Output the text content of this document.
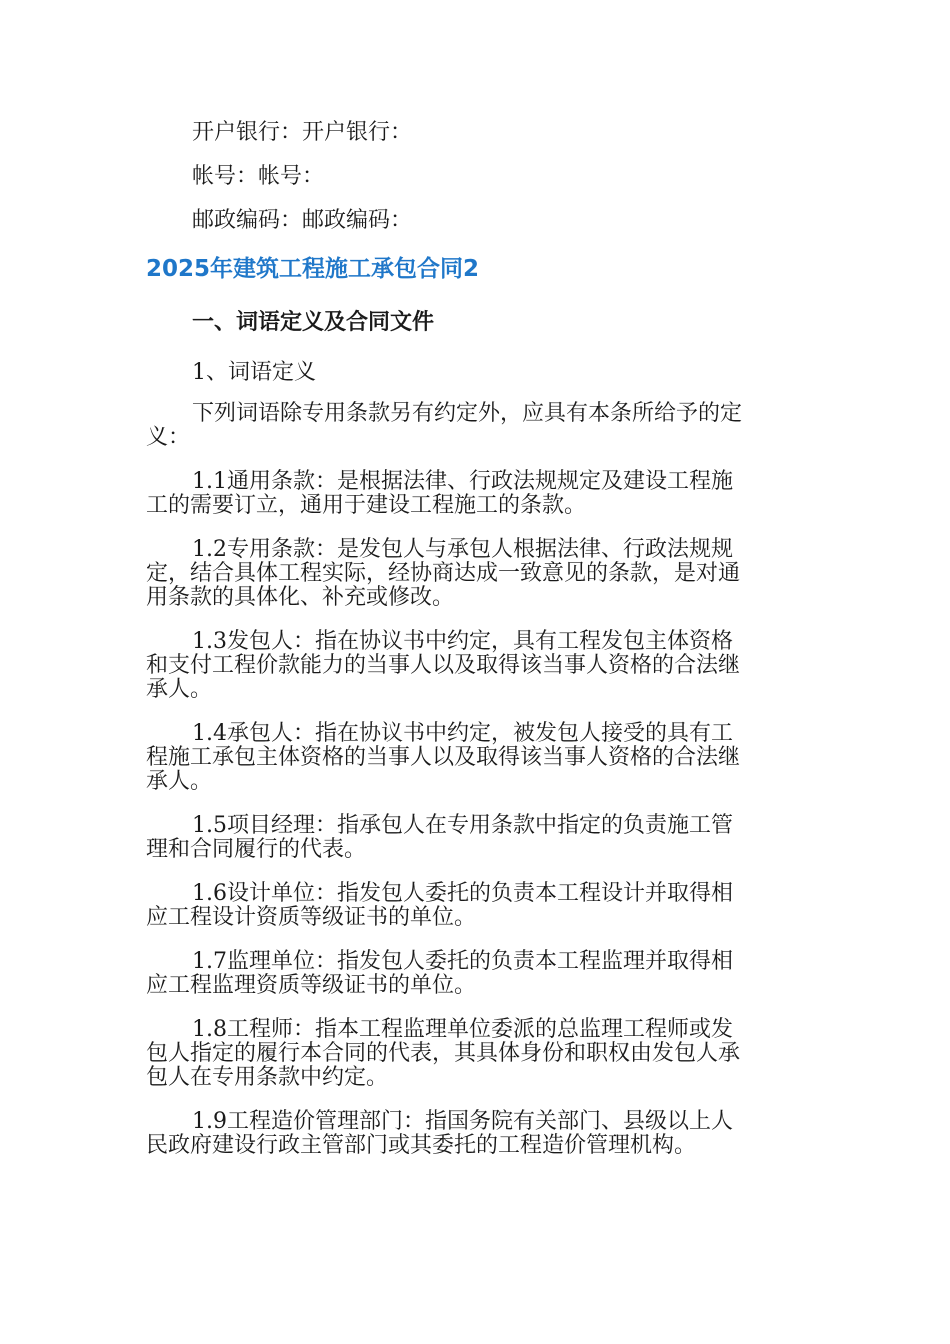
开户银行：开户银行：
帐号：帐号：
邮政编码：邮政编码：
2025年建筑工程施工承包合同2
一、词语定义及合同文件
1、词语定义
下列词语除专用条款另有约定外，应具有本条所给予的定
义：
1.1通用条款：是根据法律、行政法规规定及建设工程施
工的需要订立，通用于建设工程施工的条款。
1.2专用条款：是发包人与承包人根据法律、行政法规规
定，结合具体工程实际，经协商达成一致意见的条款，是对通
用条款的具体化、补充或修改。
1.3发包人：指在协议书中约定，具有工程发包主体资格
和支付工程价款能力的当事人以及取得该当事人资格的合法继
承人。
1.4承包人：指在协议书中约定，被发包人接受的具有工
程施工承包主体资格的当事人以及取得该当事人资格的合法继
承人。
1.5项目经理：指承包人在专用条款中指定的负责施工管
理和合同履行的代表。
1.6设计单位：指发包人委托的负责本工程设计并取得相
应工程设计资质等级证书的单位。
1.7监理单位：指发包人委托的负责本工程监理并取得相
应工程监理资质等级证书的单位。
1.8工程师：指本工程监理单位委派的总监理工程师或发
包人指定的履行本合同的代表，其具体身份和职权由发包人承
包人在专用条款中约定。
1.9工程造价管理部门：指国务院有关部门、县级以上人
民政府建设行政主管部门或其委托的工程造价管理机构。
